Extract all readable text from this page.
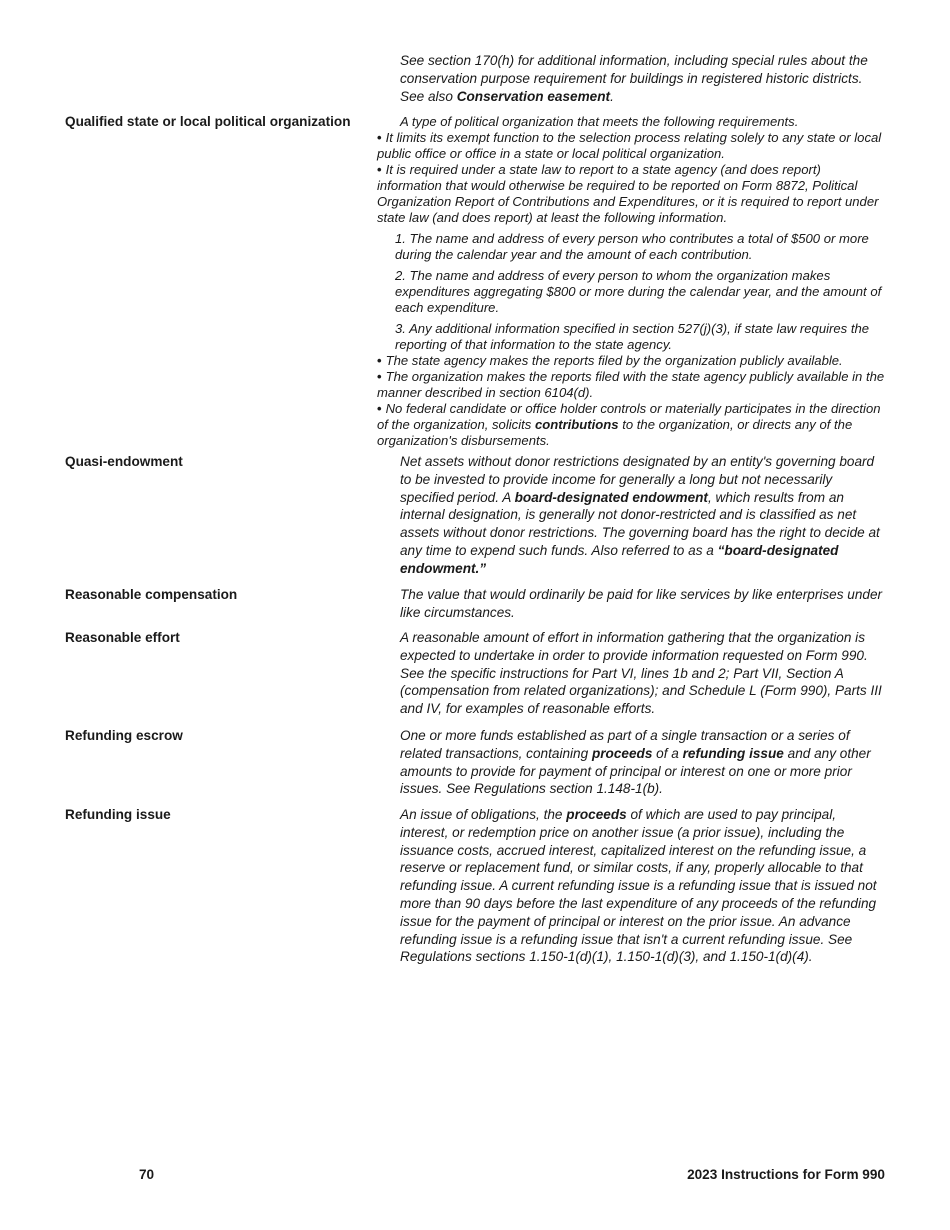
See section 170(h) for additional information, including special rules about the conservation purpose requirement for buildings in registered historic districts. See also Conservation easement.

Qualified state or local political organization	A type of political organization that meets the following requirements.

• It limits its exempt function to the selection process relating solely to any state or local public office or office in a state or local political organization.

• It is required under a state law to report to a state agency (and does report) information that would otherwise be required to be reported on Form 8872, Political Organization Report of Contributions and Expenditures, or it is required to report under state law (and does report) at least the following information.

1. The name and address of every person who contributes a total of $500 or more during the calendar year and the amount of each contribution.

2. The name and address of every person to whom the organization makes expenditures aggregating $800 or more during the calendar year, and the amount of each expenditure.

3. Any additional information specified in section 527(j)(3), if state law requires the reporting of that information to the state agency.

• The state agency makes the reports filed by the organization publicly available.

• The organization makes the reports filed with the state agency publicly available in the manner described in section 6104(d).

• No federal candidate or office holder controls or materially participates in the direction of the organization, solicits contributions to the organization, or directs any of the organization's disbursements.

Quasi-endowment	Net assets without donor restrictions designated by an entity's governing board to be invested to provide income for generally a long but not necessarily specified period. A board-designated endowment, which results from an internal designation, is generally not donor-restricted and is classified as net assets without donor restrictions. The governing board has the right to decide at any time to expend such funds. Also referred to as a “board-designated endowment.”

Reasonable compensation	The value that would ordinarily be paid for like services by like enterprises under like circumstances.

Reasonable effort	A reasonable amount of effort in information gathering that the organization is expected to undertake in order to provide information requested on Form 990. See the specific instructions for Part VI, lines 1b and 2; Part VII, Section A (compensation from related organizations); and Schedule L (Form 990), Parts III and IV, for examples of reasonable efforts.

Refunding escrow	One or more funds established as part of a single transaction or a series of related transactions, containing proceeds of a refunding issue and any other amounts to provide for payment of principal or interest on one or more prior issues. See Regulations section 1.148-1(b).

Refunding issue	An issue of obligations, the proceeds of which are used to pay principal, interest, or redemption price on another issue (a prior issue), including the issuance costs, accrued interest, capitalized interest on the refunding issue, a reserve or replacement fund, or similar costs, if any, properly allocable to that refunding issue. A current refunding issue is a refunding issue that is issued not more than 90 days before the last expenditure of any proceeds of the refunding issue for the payment of principal or interest on the prior issue. An advance refunding issue is a refunding issue that isn't a current refunding issue. See Regulations sections 1.150-1(d)(1), 1.150-1(d)(3), and 1.150-1(d)(4).

70	2023 Instructions for Form 990
